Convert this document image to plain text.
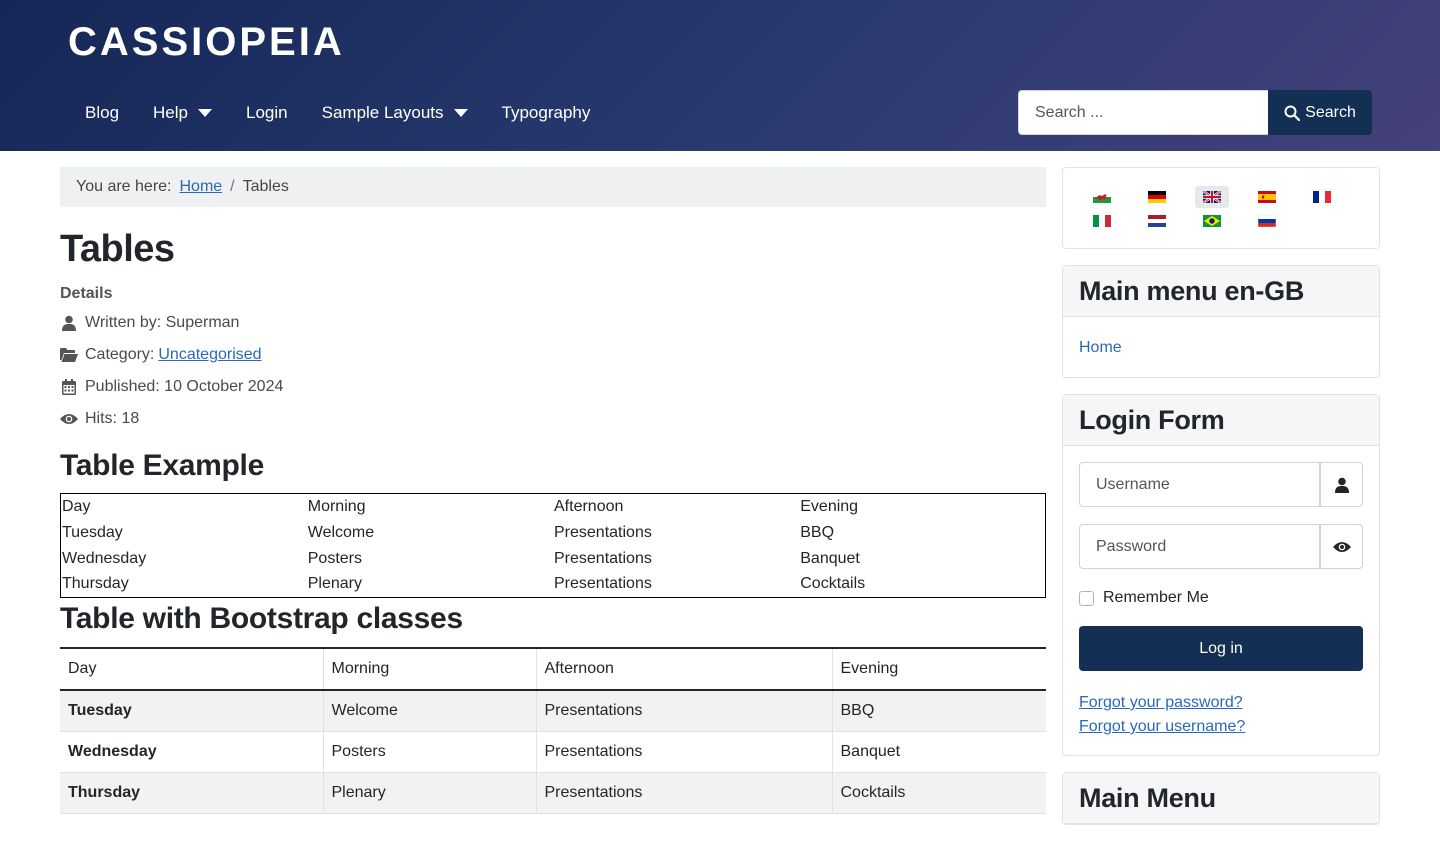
CASSIOPEIA
Blog Help	Login Sample Layouts	Typography
Search ...	Search
You are here: Home / Tables
Tables
Details
Written by: Superman
Category: Uncategorised
Published: 10 October 2024
Hits: 18
Table Example
Day	Morning	Afternoon	Evening
Tuesday	Welcome	Presentations	BBQ
Wednesday	Posters	Presentations	Banquet
Thursday	Plenary	Presentations	Cocktails
Table with Bootstrap classes
Day	Morning	Afternoon	Evening
Tuesday	Welcome	Presentations	BBQ
Wednesday	Posters	Presentations	Banquet
Thursday	Plenary	Presentations	Cocktails
Main menu en-GB
Home
Login Form
Username
Remember Me
Log in
Forgot your password?
Forgot your username?
Main Menu
